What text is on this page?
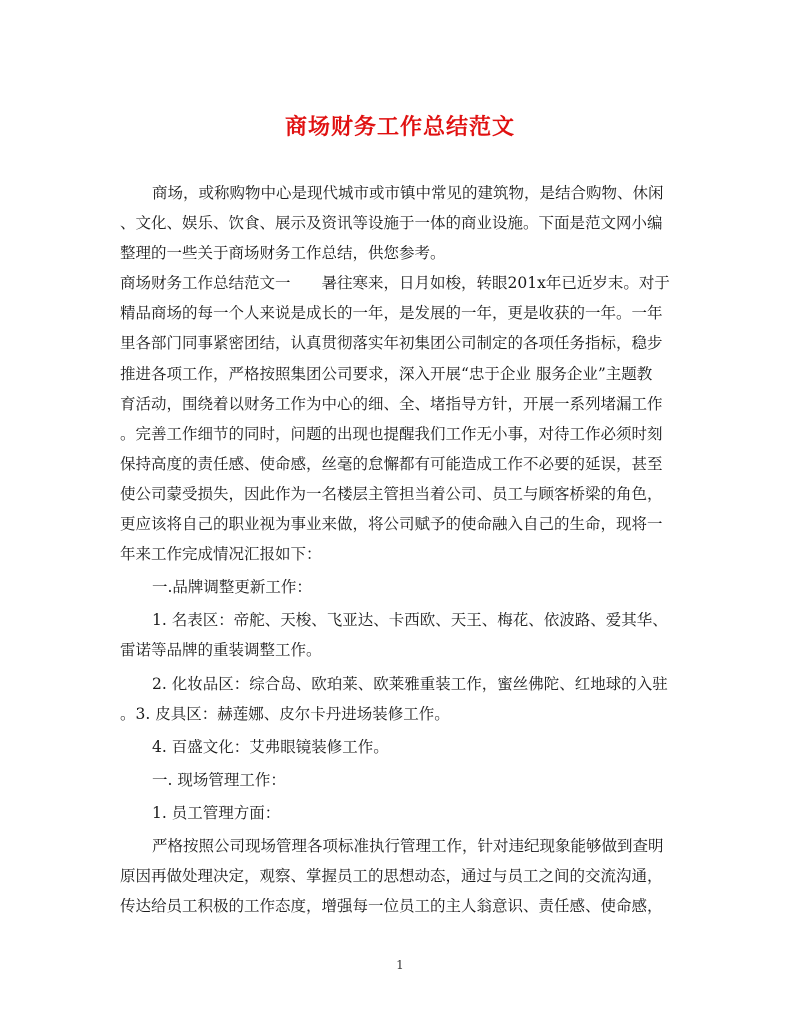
商场财务工作总结范文
商场，或称购物中心是现代城市或市镇中常见的建筑物，是结合购物、休闲
、文化、娱乐、饮食、展示及资讯等设施于一体的商业设施。下面是范文网小编
整理的一些关于商场财务工作总结，供您参考。
商场财务工作总结范文一　　暑往寒来，日月如梭，转眼201x年已近岁末。对于
精品商场的每一个人来说是成长的一年，是发展的一年，更是收获的一年。一年
里各部门同事紧密团结，认真贯彻落实年初集团公司制定的各项任务指标，稳步
推进各项工作，严格按照集团公司要求，深入开展“忠于企业 服务企业”主题教
育活动，围绕着以财务工作为中心的细、全、堵指导方针，开展一系列堵漏工作
。完善工作细节的同时，问题的出现也提醒我们工作无小事，对待工作必须时刻
保持高度的责任感、使命感，丝毫的怠懈都有可能造成工作不必要的延误，甚至
使公司蒙受损失，因此作为一名楼层主管担当着公司、员工与顾客桥梁的角色，
更应该将自己的职业视为事业来做，将公司赋予的使命融入自己的生命，现将一
年来工作完成情况汇报如下：
一.品牌调整更新工作：
1. 名表区：帝舵、天梭、飞亚达、卡西欧、天王、梅花、依波路、爱其华、
雷诺等品牌的重装调整工作。
2. 化妆品区：综合岛、欧珀莱、欧莱雅重装工作，蜜丝佛陀、红地球的入驻
。3. 皮具区：赫莲娜、皮尔卡丹进场装修工作。
4. 百盛文化：艾弗眼镜装修工作。
一. 现场管理工作：
1. 员工管理方面：
严格按照公司现场管理各项标准执行管理工作，针对违纪现象能够做到查明
原因再做处理决定，观察、掌握员工的思想动态，通过与员工之间的交流沟通，
传达给员工积极的工作态度，增强每一位员工的主人翁意识、责任感、使命感，
1
